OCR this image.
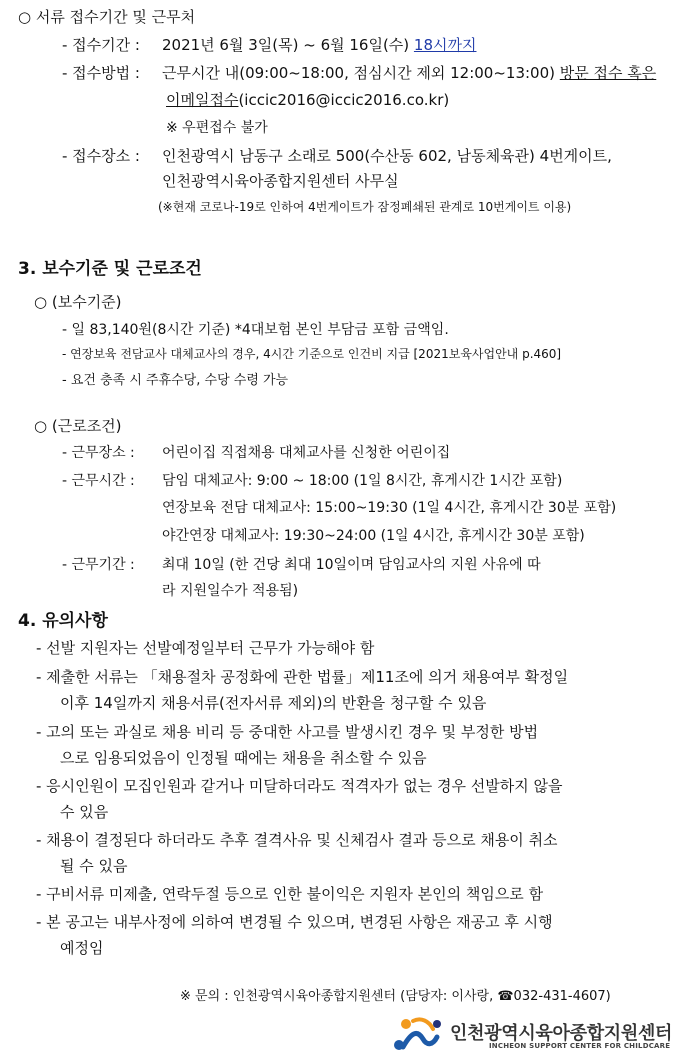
○ 서류 접수기간 및 근무처
- 접수기간 : 2021년 6월 3일(목) ~ 6월 16일(수) 18시까지
- 접수방법 : 근무시간 내(09:00~18:00, 점심시간 제외 12:00~13:00) 방문 접수 혹은
이메일접수(iccic2016@iccic2016.co.kr)
※ 우편접수 불가
- 접수장소 : 인천광역시 남동구 소래로 500(수산동 602, 남동체육관) 4번게이트,
인천광역시육아종합지원센터 사무실
(※현재 코로나-19로 인하여 4번게이트가 잠정폐쇄된 관계로 10번게이트 이용)
3. 보수기준 및 근로조건
○ (보수기준)
- 일 83,140원(8시간 기준) *4대보험 본인 부담금 포함 금액임.
- 연장보육 전담교사 대체교사의 경우, 4시간 기준으로 인건비 지급 [2021보육사업안내 p.460]
- 요건 충족 시 주휴수당, 수당 수령 가능
○ (근로조건)
- 근무장소 : 어린이집 직접채용 대체교사를 신청한 어린이집
- 근무시간 : 담임 대체교사: 9:00 ~ 18:00 (1일 8시간, 휴게시간 1시간 포함)
연장보육 전담 대체교사: 15:00~19:30 (1일 4시간, 휴게시간 30분 포함)
야간연장 대체교사: 19:30~24:00 (1일 4시간, 휴게시간 30분 포함)
- 근무기간 : 최대 10일 (한 건당 최대 10일이며 담임교사의 지원 사유에 따
라 지원일수가 적용됨)
4. 유의사항
- 선발 지원자는 선발예정일부터 근무가 가능해야 함
- 제출한 서류는 「채용절차 공정화에 관한 법률」제11조에 의거 채용여부 확정일
이후 14일까지 채용서류(전자서류 제외)의 반환을 청구할 수 있음
- 고의 또는 과실로 채용 비리 등 중대한 사고를 발생시킨 경우 및 부정한 방법
으로 임용되었음이 인정될 때에는 채용을 취소할 수 있음
- 응시인원이 모집인원과 같거나 미달하더라도 적격자가 없는 경우 선발하지 않을
수 있음
- 채용이 결정된다 하더라도 추후 결격사유 및 신체검사 결과 등으로 채용이 취소
될 수 있음
- 구비서류 미제출, 연락두절 등으로 인한 불이익은 지원자 본인의 책임으로 함
- 본 공고는 내부사정에 의하여 변경될 수 있으며, 변경된 사항은 재공고 후 시행
예정임
※ 문의 : 인천광역시육아종합지원센터 (담당자: 이사랑, ☎032-431-4607)
인천광역시육아종합지원센터
INCHEON SUPPORT CENTER FOR CHILDCARE
